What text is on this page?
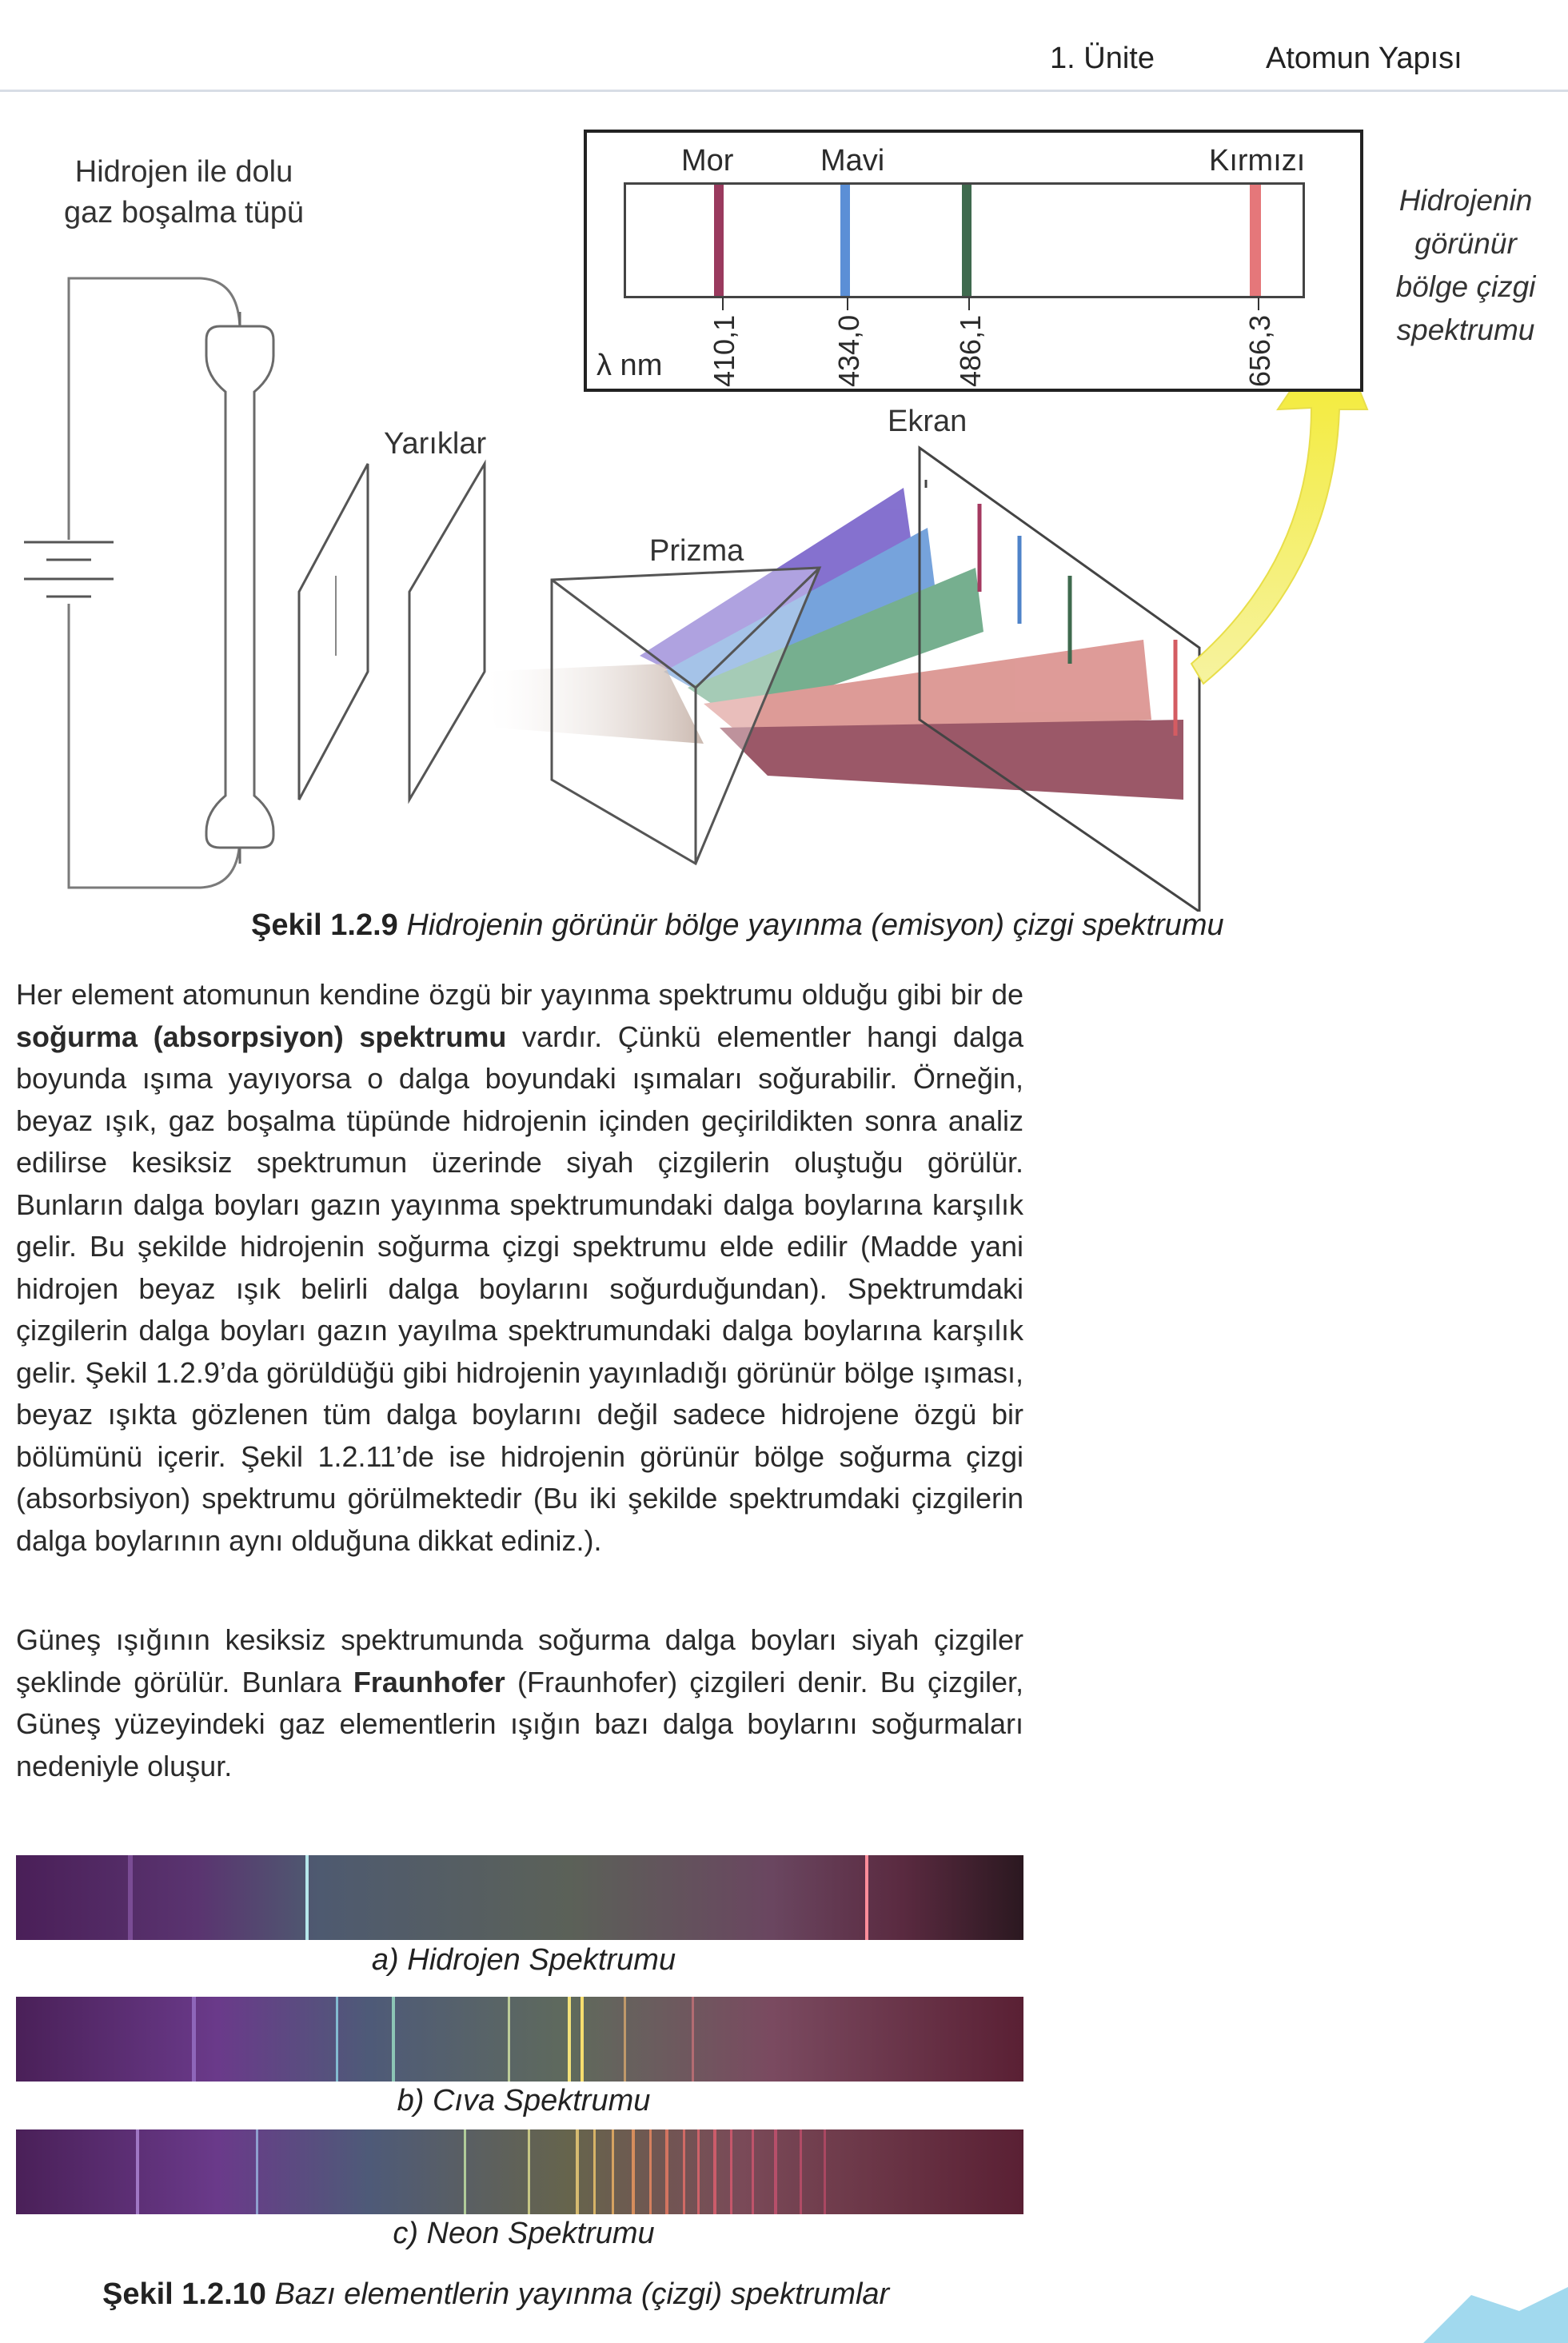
1. Ünite	Atomun Yapısı
Hidrojen ile dolu
gaz boşalma tüpü
Yarıklar
Prizma
Ekran
Mor	Mavi	Kırmızı
λ nm 410,1	434,0	486,1	656,3
Hidrojenin
görünür
bölge çizgi
spektrumu
Şekil 1.2.9 Hidrojenin görünür bölge yayınma (emisyon) çizgi spektrumu

Her element atomunun kendine özgü bir yayınma spektrumu olduğu gibi bir de soğurma (absorpsiyon) spektrumu vardır. Çünkü elementler hangi dalga boyunda ışıma yayıyorsa o dalga boyundaki ışımaları soğurabilir. Örneğin, beyaz ışık, gaz boşalma tüpünde hidrojenin içinden geçirildikten sonra analiz edilirse kesiksiz spektrumun üzerinde siyah çizgilerin oluştuğu görülür. Bunların dalga boyları gazın yayınma spektrumundaki dalga boylarına karşılık gelir. Bu şekilde hidrojenin soğurma çizgi spektrumu elde edilir (Madde yani hidrojen beyaz ışık belirli dalga boylarını soğurduğundan). Spektrumdaki çizgilerin dalga boyları gazın yayılma spektrumundaki dalga boylarına karşılık gelir. Şekil 1.2.9’da görüldüğü gibi hidrojenin yayınladığı görünür bölge ışıması, beyaz ışıkta gözlenen tüm dalga boylarını değil sadece hidrojene özgü bir bölümünü içerir. Şekil 1.2.11’de ise hidrojenin görünür bölge soğurma çizgi (absorbsiyon) spektrumu görülmektedir (Bu iki şekilde spektrumdaki çizgilerin dalga boylarının aynı olduğuna dikkat ediniz.).

Güneş ışığının kesiksiz spektrumunda soğurma dalga boyları siyah çizgiler şeklinde görülür. Bunlara Fraunhofer (Fraunhofer) çizgileri denir. Bu çizgiler, Güneş yüzeyindeki gaz elementlerin ışığın bazı dalga boylarını soğurmaları nedeniyle oluşur.

a) Hidrojen Spektrumu
b) Cıva Spektrumu
c) Neon Spektrumu
Şekil 1.2.10 Bazı elementlerin yayınma (çizgi) spektrumlar
